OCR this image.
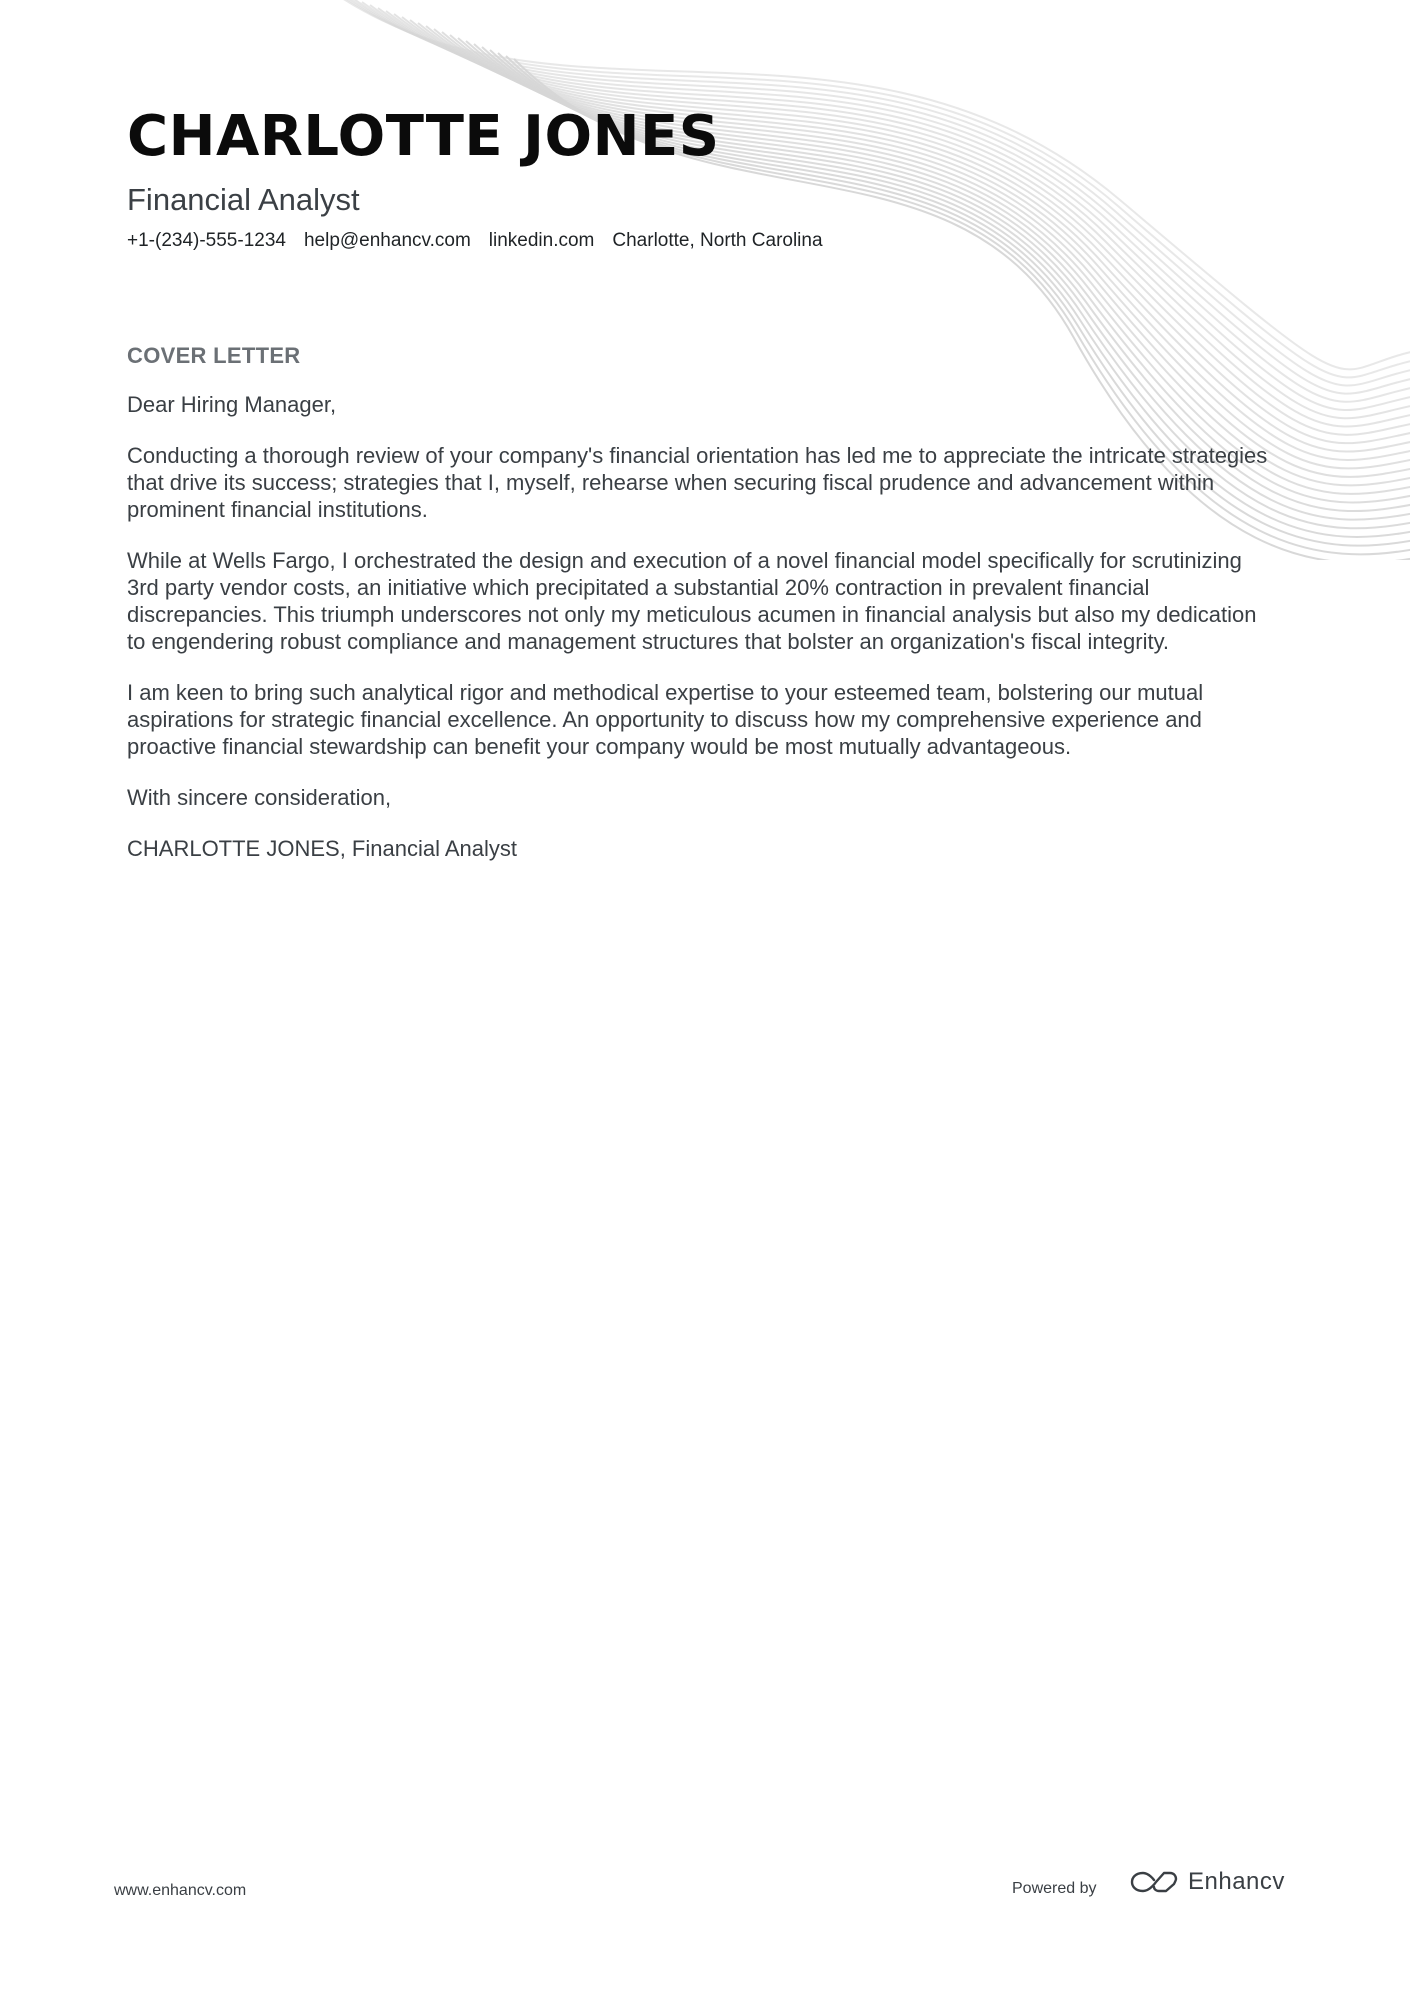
CHARLOTTE JONES
Financial Analyst
+1-(234)-555-1234 help@enhancv.com linkedin.com Charlotte, North Carolina
COVER LETTER

Dear Hiring Manager,

Conducting a thorough review of your company's financial orientation has led me to appreciate the intricate strategies that drive its success; strategies that I, myself, rehearse when securing fiscal prudence and advancement within prominent financial institutions.

While at Wells Fargo, I orchestrated the design and execution of a novel financial model specifically for scrutinizing 3rd party vendor costs, an initiative which precipitated a substantial 20% contraction in prevalent financial discrepancies. This triumph underscores not only my meticulous acumen in financial analysis but also my dedication to engendering robust compliance and management structures that bolster an organization's fiscal integrity.

I am keen to bring such analytical rigor and methodical expertise to your esteemed team, bolstering our mutual aspirations for strategic financial excellence. An opportunity to discuss how my comprehensive experience and proactive financial stewardship can benefit your company would be most mutually advantageous.

With sincere consideration,

CHARLOTTE JONES, Financial Analyst

www.enhancv.com	Powered by	Enhancv
